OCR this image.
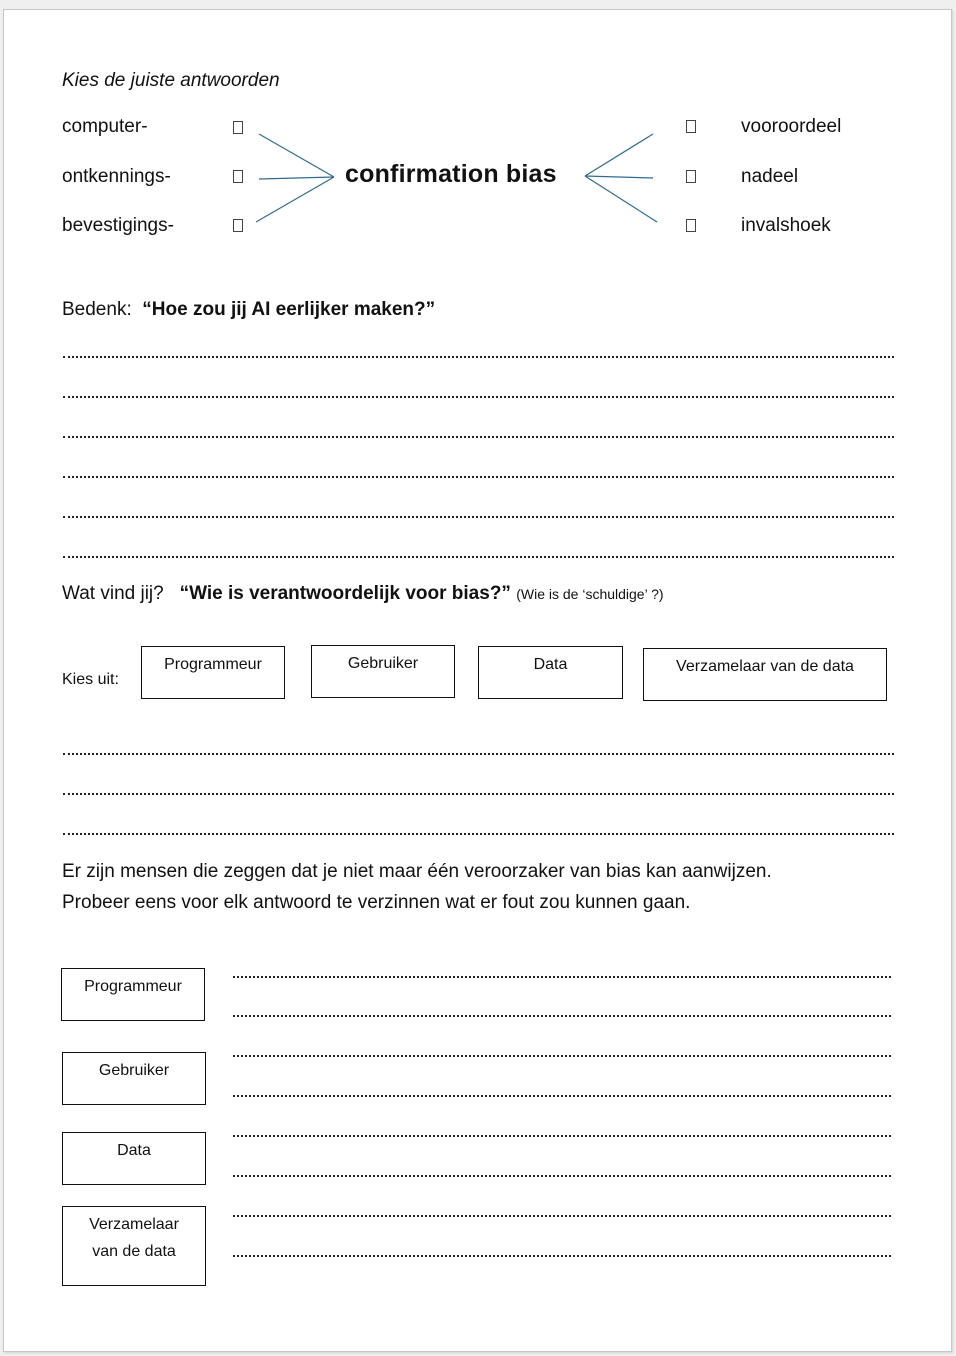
Kies de juiste antwoorden
computer-
ontkennings-
bevestigings-
confirmation bias
vooroordeel
nadeel
invalshoek
Bedenk: “Hoe zou jij AI eerlijker maken?”
Wat vind jij? “Wie is verantwoordelijk voor bias?” (Wie is de ‘schuldige’ ?)
Kies uit:
Programmeur	Gebruiker	Data	Verzamelaar van de data
Er zijn mensen die zeggen dat je niet maar één veroorzaker van bias kan aanwijzen.
Probeer eens voor elk antwoord te verzinnen wat er fout zou kunnen gaan.
Programmeur
Gebruiker
Data
Verzamelaar
van de data
